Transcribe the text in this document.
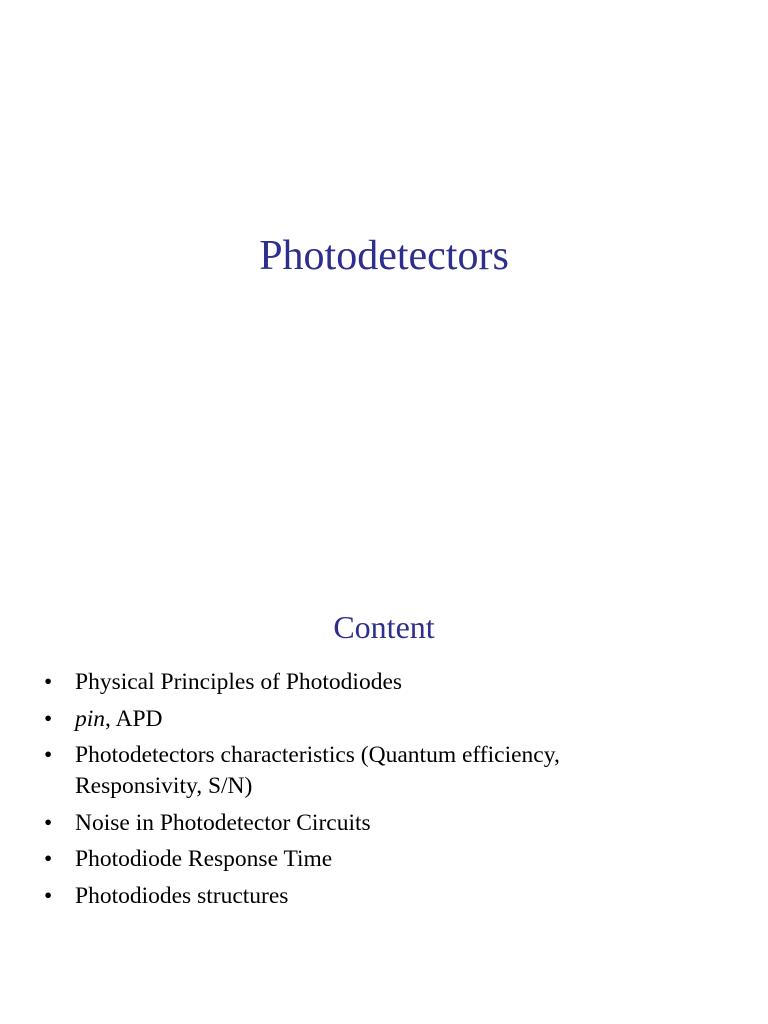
Photodetectors
Content
• Physical Principles of Photodiodes
• pin, APD
• Photodetectors characteristics (Quantum efficiency,
Responsivity, S/N)
• Noise in Photodetector Circuits
• Photodiode Response Time
• Photodiodes structures
